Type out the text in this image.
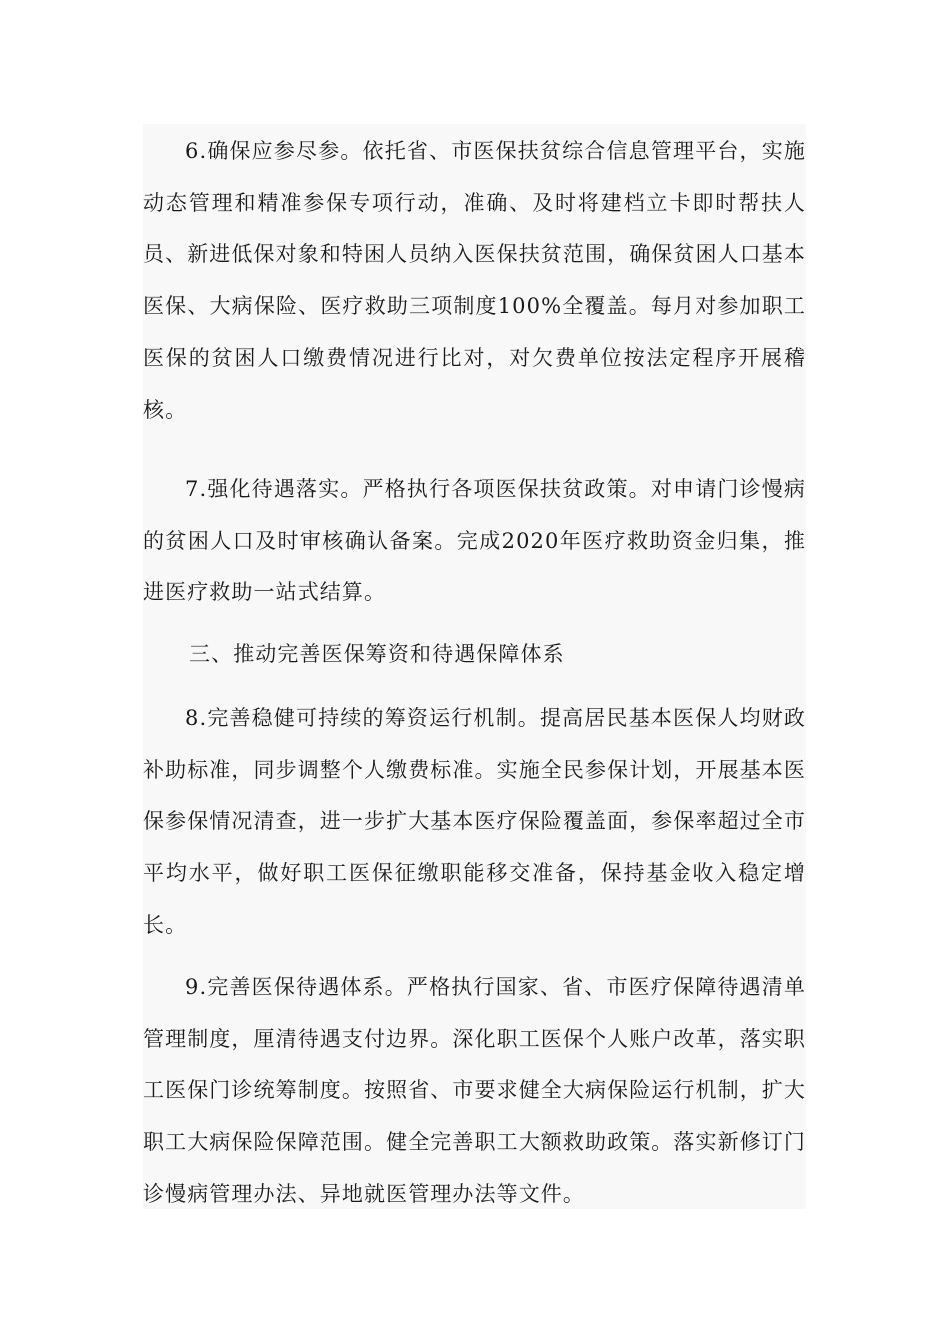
6.确保应参尽参。依托省、市医保扶贫综合信息管理平台，实施动态管理和精准参保专项行动，准确、及时将建档立卡即时帮扶人员、新进低保对象和特困人员纳入医保扶贫范围，确保贫困人口基本医保、大病保险、医疗救助三项制度100%全覆盖。每月对参加职工医保的贫困人口缴费情况进行比对，对欠费单位按法定程序开展稽核。

7.强化待遇落实。严格执行各项医保扶贫政策。对申请门诊慢病的贫困人口及时审核确认备案。完成2020年医疗救助资金归集，推进医疗救助一站式结算。

三、推动完善医保筹资和待遇保障体系

8.完善稳健可持续的筹资运行机制。提高居民基本医保人均财政补助标准，同步调整个人缴费标准。实施全民参保计划，开展基本医保参保情况清查，进一步扩大基本医疗保险覆盖面，参保率超过全市平均水平，做好职工医保征缴职能移交准备，保持基金收入稳定增长。

9.完善医保待遇体系。严格执行国家、省、市医疗保障待遇清单管理制度，厘清待遇支付边界。深化职工医保个人账户改革，落实职工医保门诊统筹制度。按照省、市要求健全大病保险运行机制，扩大职工大病保险保障范围。健全完善职工大额救助政策。落实新修订门诊慢病管理办法、异地就医管理办法等文件。
